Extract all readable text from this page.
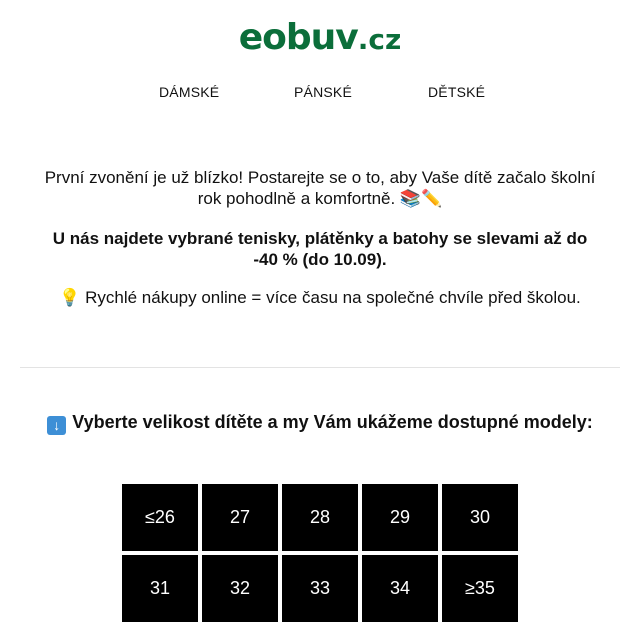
eobuv.cz
DÁMSKÉ	PÁNSKÉ	DĚTSKÉ

První zvonění je už blízko! Postarejte se o to, aby Vaše dítě začalo školní rok pohodlně a komfortně. 📚✏️

U nás najdete vybrané tenisky, plátěnky a batohy se slevami až do -40 % (do 10.09).

💡 Rychlé nákupy online = více času na společné chvíle před školou.

↓ Vyberte velikost dítěte a my Vám ukážeme dostupné modely:
≤26	27	28	29	30
31	32	33	34	≥35
